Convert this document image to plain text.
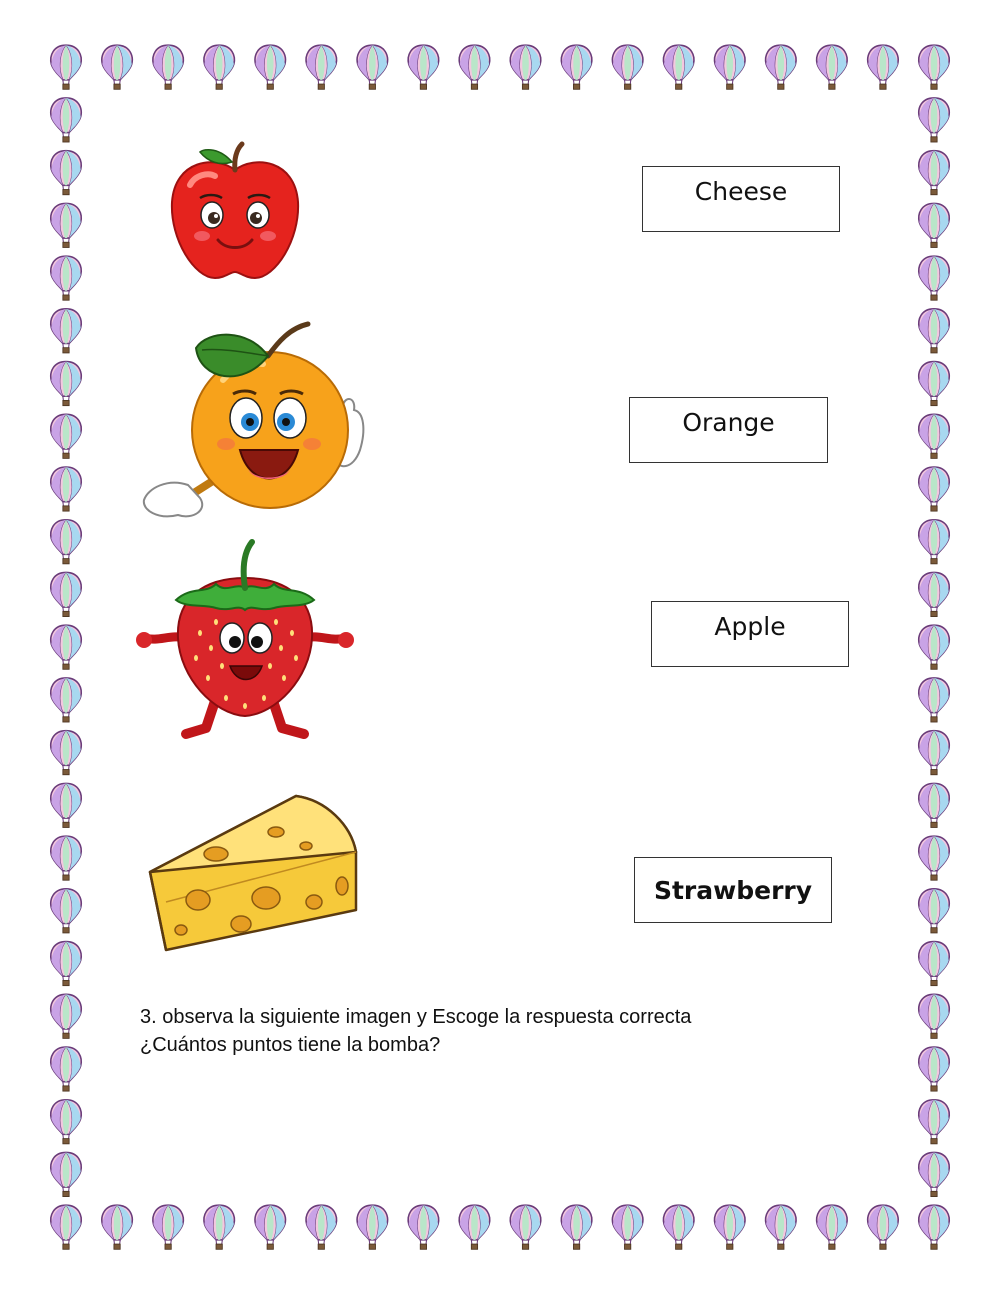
Cheese
Orange
Apple
Strawberry
3. observa la siguiente imagen y Escoge la respuesta correcta
¿Cuántos puntos tiene la bomba?
